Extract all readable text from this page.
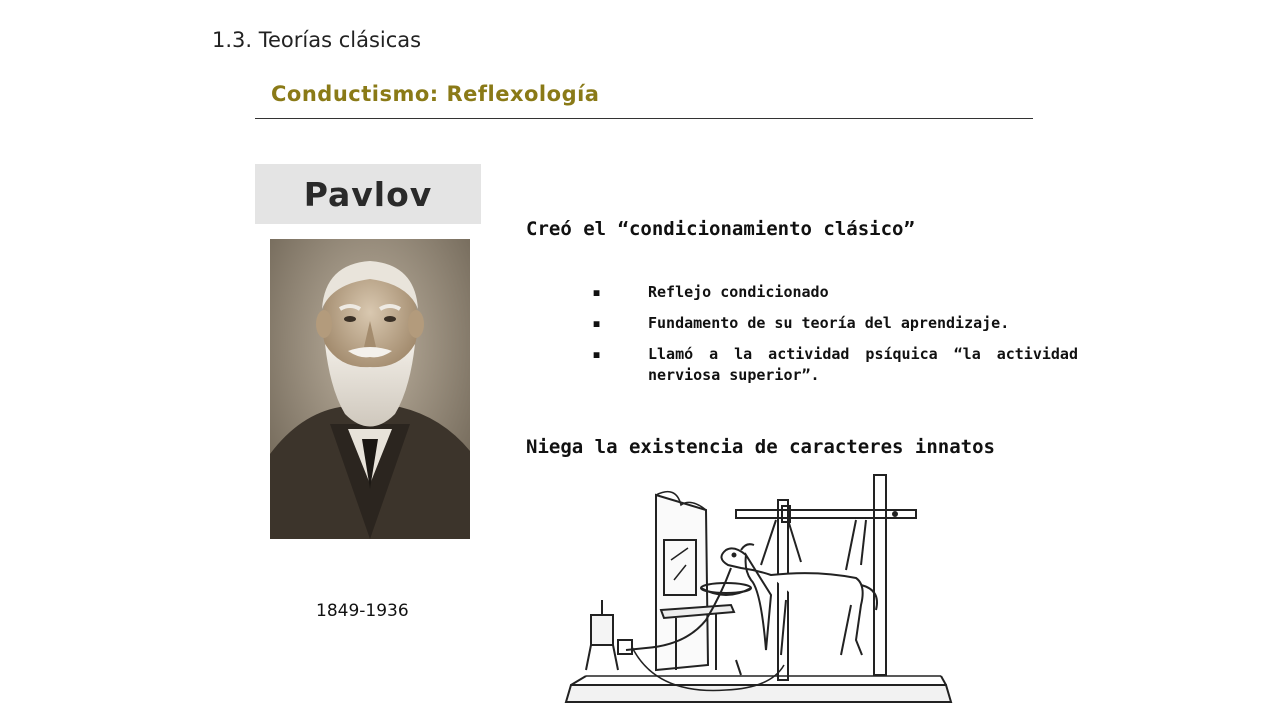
1.3. Teorías clásicas
Conductismo: Reflexología
Pavlov
1849-1936
Creó el “condicionamiento clásico”
▪	Reflejo condicionado
▪	Fundamento de su teoría del aprendizaje.
▪	Llamó a la actividad psíquica “la actividad nerviosa superior”.
Niega la existencia de caracteres innatos
